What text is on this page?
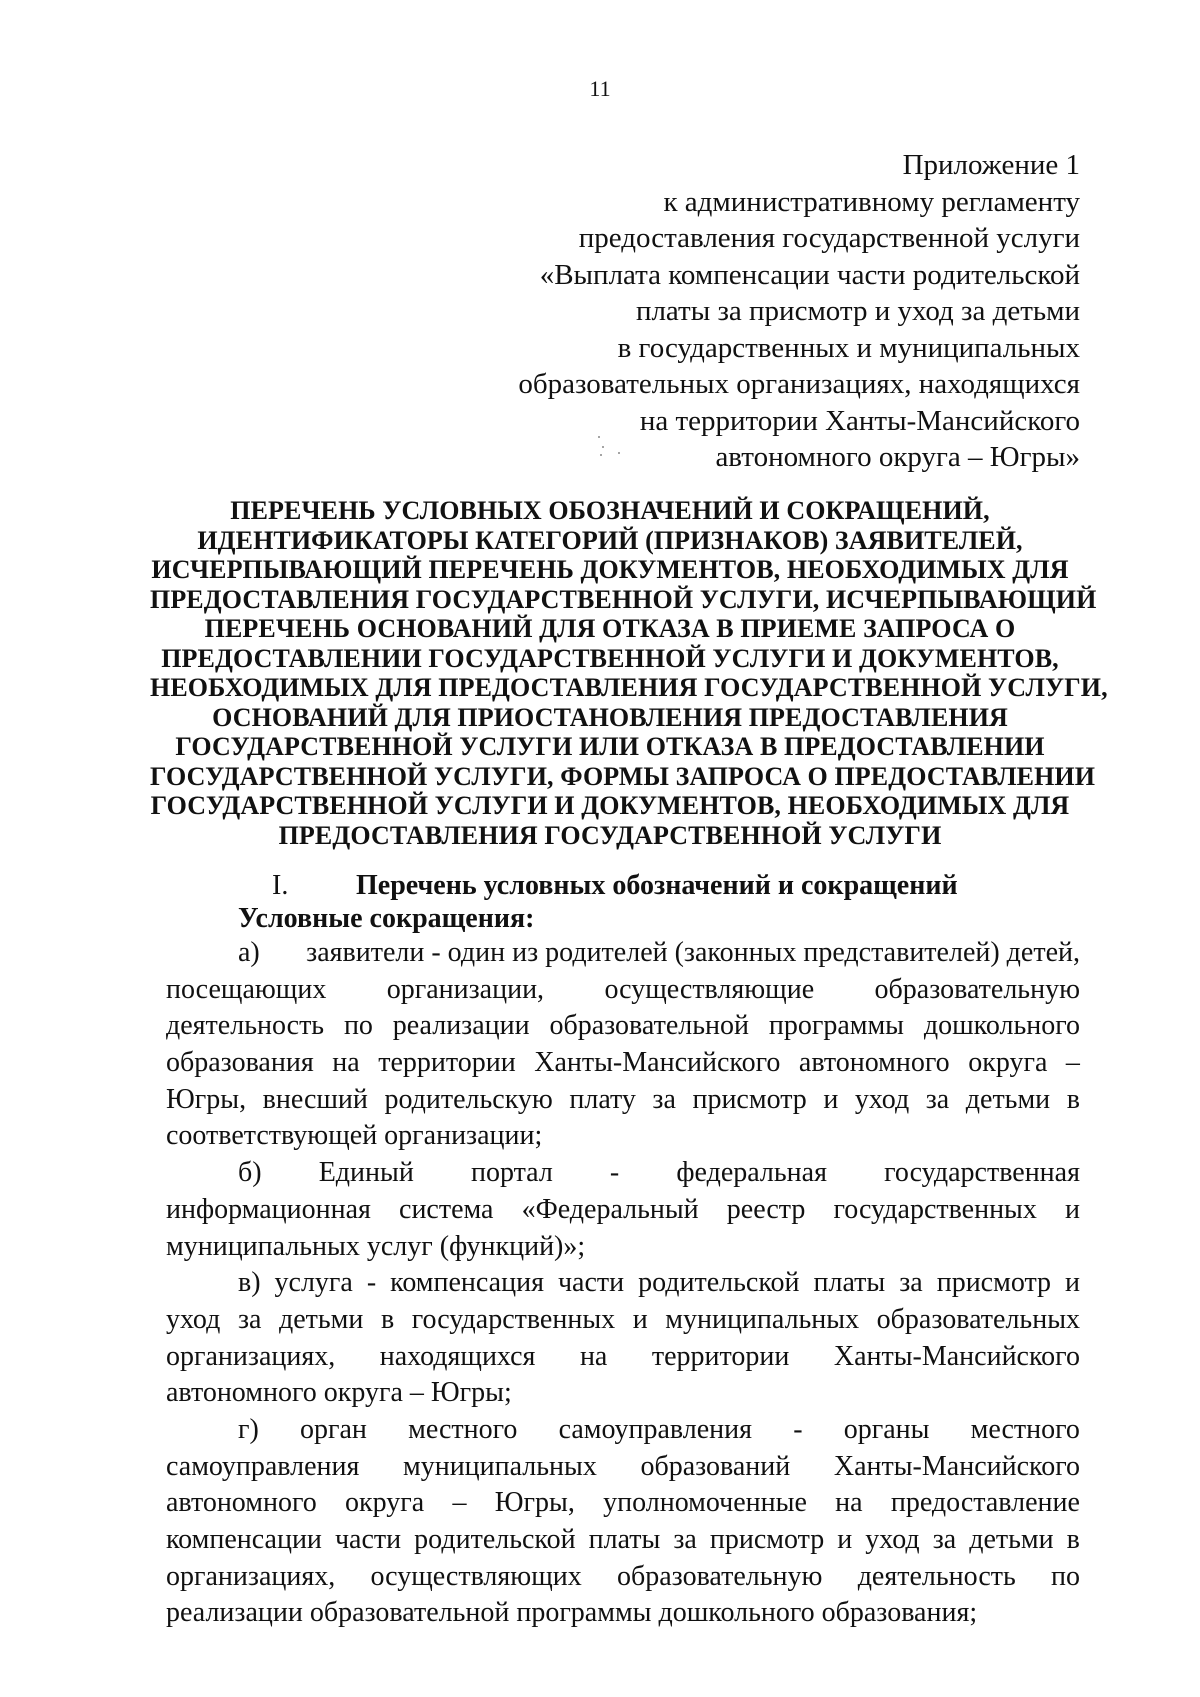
11
Приложение 1
к административному регламенту
предоставления государственной услуги
«Выплата компенсации части родительской
платы за присмотр и уход за детьми
в государственных и муниципальных
образовательных организациях, находящихся
на территории Ханты-Мансийского
автономного округа – Югры»
ПЕРЕЧЕНЬ УСЛОВНЫХ ОБОЗНАЧЕНИЙ И СОКРАЩЕНИЙ,
ИДЕНТИФИКАТОРЫ КАТЕГОРИЙ (ПРИЗНАКОВ) ЗАЯВИТЕЛЕЙ,
ИСЧЕРПЫВАЮЩИЙ ПЕРЕЧЕНЬ ДОКУМЕНТОВ, НЕОБХОДИМЫХ ДЛЯ
ПРЕДОСТАВЛЕНИЯ ГОСУДАРСТВЕННОЙ УСЛУГИ, ИСЧЕРПЫВАЮЩИЙ
ПЕРЕЧЕНЬ ОСНОВАНИЙ ДЛЯ ОТКАЗА В ПРИЕМЕ ЗАПРОСА О
ПРЕДОСТАВЛЕНИИ ГОСУДАРСТВЕННОЙ УСЛУГИ И ДОКУМЕНТОВ,
НЕОБХОДИМЫХ ДЛЯ ПРЕДОСТАВЛЕНИЯ ГОСУДАРСТВЕННОЙ УСЛУГИ,
ОСНОВАНИЙ ДЛЯ ПРИОСТАНОВЛЕНИЯ ПРЕДОСТАВЛЕНИЯ
ГОСУДАРСТВЕННОЙ УСЛУГИ ИЛИ ОТКАЗА В ПРЕДОСТАВЛЕНИИ
ГОСУДАРСТВЕННОЙ УСЛУГИ, ФОРМЫ ЗАПРОСА О ПРЕДОСТАВЛЕНИИ
ГОСУДАРСТВЕННОЙ УСЛУГИ И ДОКУМЕНТОВ, НЕОБХОДИМЫХ ДЛЯ
ПРЕДОСТАВЛЕНИЯ ГОСУДАРСТВЕННОЙ УСЛУГИ
I. Перечень условных обозначений и сокращений
Условные сокращения:
а) заявители - один из родителей (законных представителей) детей,
посещающих организации, осуществляющие образовательную
деятельность по реализации образовательной программы дошкольного
образования на территории Ханты-Мансийского автономного округа –
Югры, внесший родительскую плату за присмотр и уход за детьми в
соответствующей организации;
б) Единый портал - федеральная государственная
информационная система «Федеральный реестр государственных и
муниципальных услуг (функций)»;
в) услуга - компенсация части родительской платы за присмотр и
уход за детьми в государственных и муниципальных образовательных
организациях, находящихся на территории Ханты-Мансийского
автономного округа – Югры;
г) орган местного самоуправления - органы местного
самоуправления муниципальных образований Ханты-Мансийского
автономного округа – Югры, уполномоченные на предоставление
компенсации части родительской платы за присмотр и уход за детьми в
организациях, осуществляющих образовательную деятельность по
реализации образовательной программы дошкольного образования;
